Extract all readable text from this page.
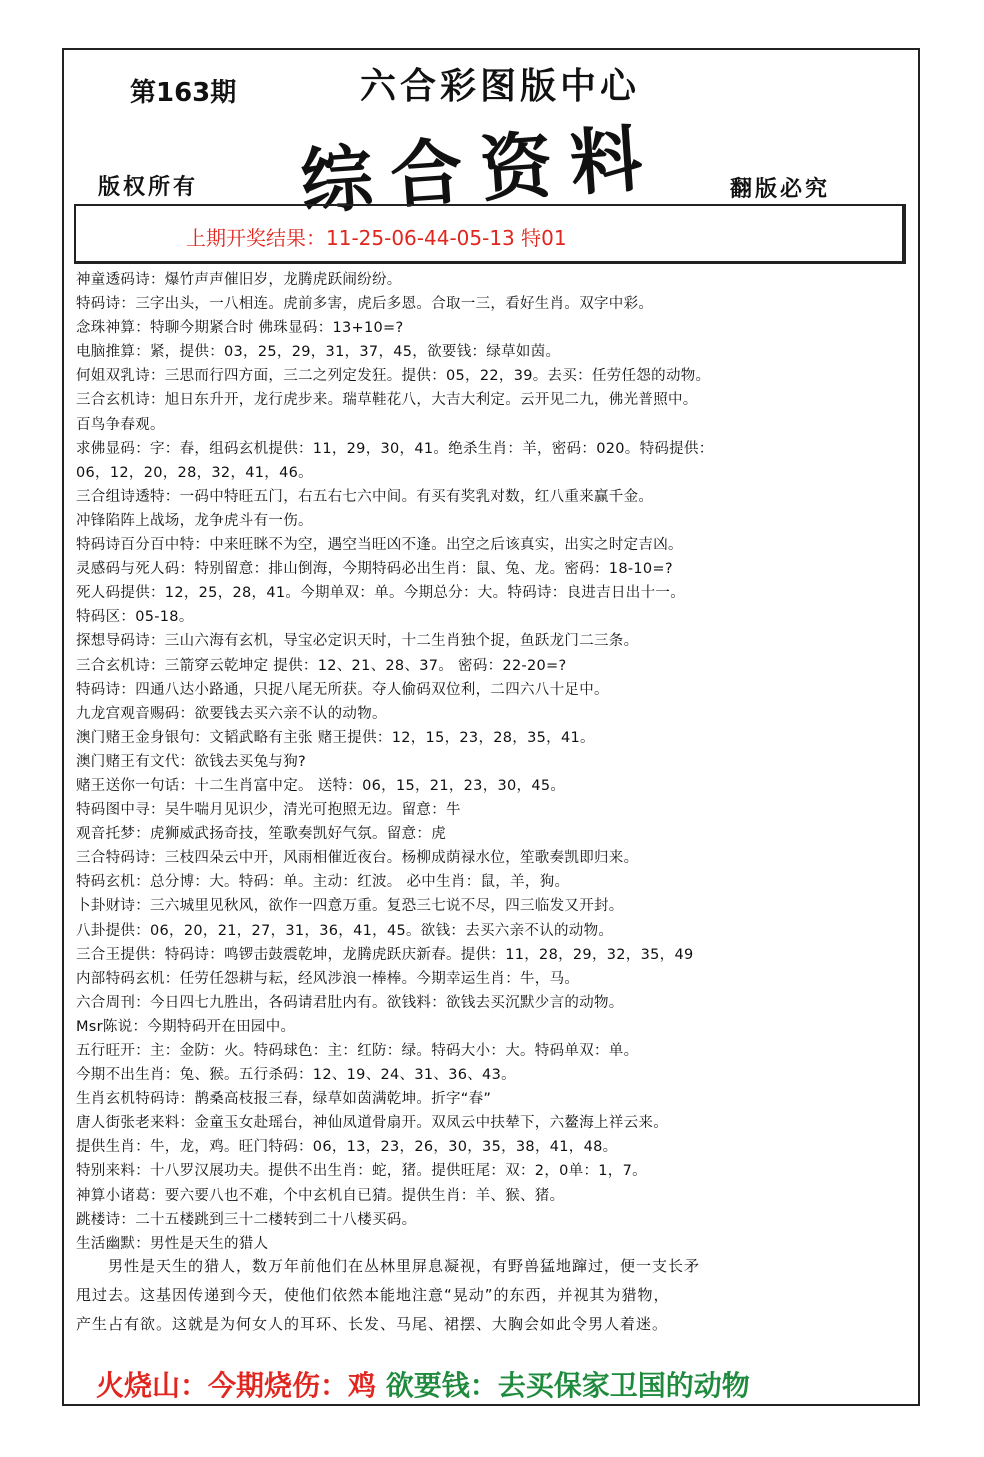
第163期	六合彩图版中心
综合资料
版权所有	翻版必究
上期开奖结果：11-25-06-44-05-13 特01
神童透码诗：爆竹声声催旧岁，龙腾虎跃闹纷纷。
特码诗：三字出头，一八相连。虎前多害，虎后多恩。合取一三，看好生肖。双字中彩。
念珠神算：特聊今期紧合时 佛珠显码：13+10=?
电脑推算：紧，提供：03，25，29，31，37，45，欲要钱：绿草如茵。
何姐双乳诗：三思而行四方面，三二之列定发狂。提供：05，22，39。去买：任劳任怨的动物。
三合玄机诗：旭日东升开，龙行虎步来。瑞草鞋花八，大吉大利定。云开见二九，佛光普照中。
百鸟争春观。
求佛显码：字：春，组码玄机提供：11，29，30，41。绝杀生肖：羊，密码：020。特码提供：
06，12，20，28，32，41，46。
三合组诗透特：一码中特旺五门，右五右七六中间。有买有奖乳对数，红八重来赢千金。
冲锋陷阵上战场，龙争虎斗有一伤。
特码诗百分百中特：中来旺眯不为空，遇空当旺凶不逢。出空之后该真实，出实之时定吉凶。
灵感码与死人码：特别留意：排山倒海，今期特码必出生肖：鼠、兔、龙。密码：18-10=?
死人码提供：12，25，28，41。今期单双：单。今期总分：大。特码诗：良进吉日出十一。
特码区：05-18。
探想导码诗：三山六海有玄机，导宝必定识天时，十二生肖独个捉，鱼跃龙门二三条。
三合玄机诗：三箭穿云乾坤定 提供：12、21、28、37。 密码：22-20=?
特码诗：四通八达小路通，只捉八尾无所获。夺人偷码双位利，二四六八十足中。
九龙宫观音赐码：欲要钱去买六亲不认的动物。
澳门赌王金身银句：文韬武略有主张 赌王提供：12，15，23，28，35，41。
澳门赌王有文代：欲钱去买兔与狗?
赌王送你一句话：十二生肖富中定。 送特：06，15，21，23，30，45。
特码图中寻：吴牛喘月见识少，清光可抱照无边。留意：牛
观音托梦：虎狮威武扬奇技，笙歌奏凯好气氛。留意：虎
三合特码诗：三枝四朵云中开，风雨相催近夜台。杨柳成荫禄水位，笙歌奏凯即归来。
特码玄机：总分博：大。特码：单。主动：红波。 必中生肖：鼠，羊，狗。
卜卦财诗：三六城里见秋风，欲作一四意万重。复恐三七说不尽，四三临发又开封。
八卦提供：06，20，21，27，31，36，41，45。欲钱：去买六亲不认的动物。
三合王提供：特码诗：鸣锣击鼓震乾坤，龙腾虎跃庆新春。提供：11，28，29，32，35，49
内部特码玄机：任劳任怨耕与耘，经风涉浪一棒棒。今期幸运生肖：牛，马。
六合周刊：今日四七九胜出，各码请君肚内有。欲钱料：欲钱去买沉默少言的动物。
Msr陈说：今期特码开在田园中。
五行旺开：主：金防：火。特码球色：主：红防：绿。特码大小：大。特码单双：单。
今期不出生肖：兔、猴。五行杀码：12、19、24、31、36、43。
生肖玄机特码诗：鹊桑高枝报三春，绿草如茵满乾坤。折字“春”
唐人街张老来料：金童玉女赴瑶台，神仙凤道骨扇开。双凤云中扶辇下，六鳌海上祥云来。
提供生肖：牛，龙，鸡。旺门特码：06，13，23，26，30，35，38，41，48。
特别来料：十八罗汉展功夫。提供不出生肖：蛇，猪。提供旺尾：双：2，0单：1，7。
神算小诸葛：要六要八也不难，个中玄机自已猜。提供生肖：羊、猴、猪。
跳楼诗：二十五楼跳到三十二楼转到二十八楼买码。
生活幽默：男性是天生的猎人
　　男性是天生的猎人，数万年前他们在丛林里屏息凝视，有野兽猛地蹿过，便一支长矛
甩过去。这基因传递到今天，使他们依然本能地注意“晃动”的东西，并视其为猎物，
产生占有欲。这就是为何女人的耳环、长发、马尾、裙摆、大胸会如此令男人着迷。
火烧山：今期烧伤：鸡 欲要钱：去买保家卫国的动物
